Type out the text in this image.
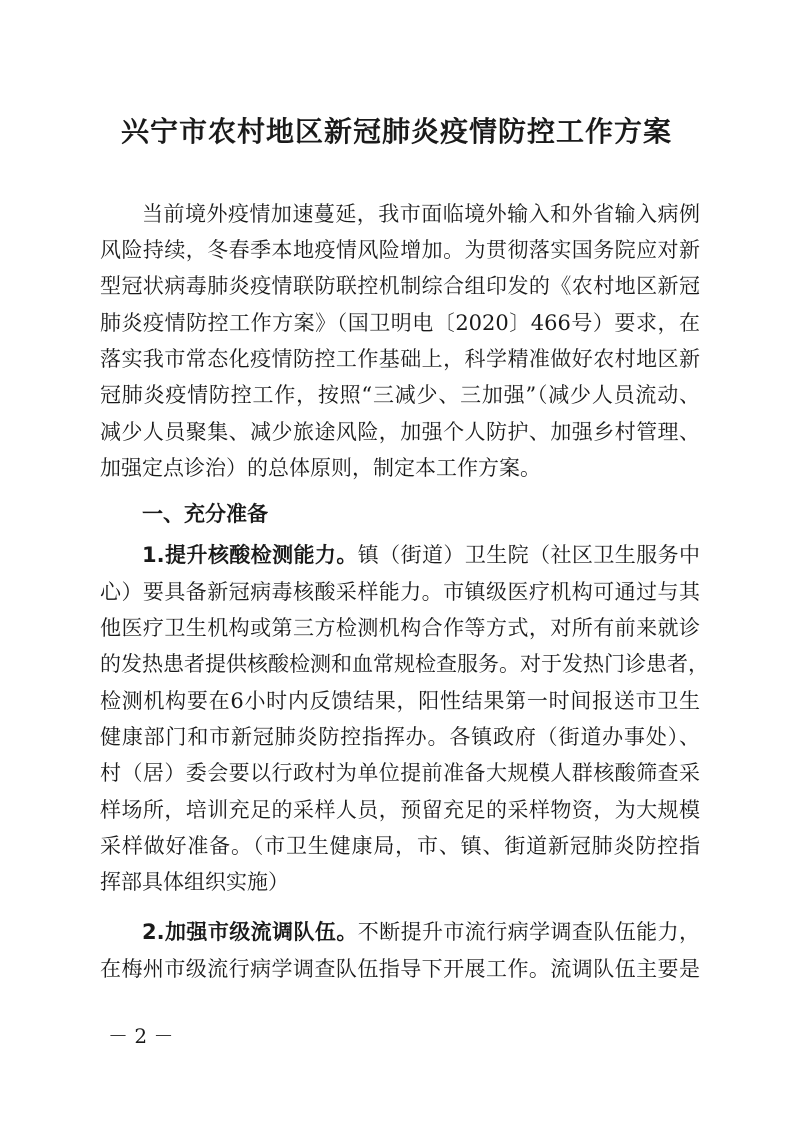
兴宁市农村地区新冠肺炎疫情防控工作方案
当前境外疫情加速蔓延，我市面临境外输入和外省输入病例
风险持续，冬春季本地疫情风险增加。为贯彻落实国务院应对新
型冠状病毒肺炎疫情联防联控机制综合组印发的《农村地区新冠
肺炎疫情防控工作方案》（国卫明电〔2020〕466号）要求，在
落实我市常态化疫情防控工作基础上，科学精准做好农村地区新
冠肺炎疫情防控工作，按照“三减少、三加强”（减少人员流动、
减少人员聚集、减少旅途风险，加强个人防护、加强乡村管理、
加强定点诊治）的总体原则，制定本工作方案。
一、充分准备
1.提升核酸检测能力。镇（街道）卫生院（社区卫生服务中
心）要具备新冠病毒核酸采样能力。市镇级医疗机构可通过与其
他医疗卫生机构或第三方检测机构合作等方式，对所有前来就诊
的发热患者提供核酸检测和血常规检查服务。对于发热门诊患者，
检测机构要在6小时内反馈结果，阳性结果第一时间报送市卫生
健康部门和市新冠肺炎防控指挥办。各镇政府（街道办事处）、
村（居）委会要以行政村为单位提前准备大规模人群核酸筛查采
样场所，培训充足的采样人员，预留充足的采样物资，为大规模
采样做好准备。（市卫生健康局，市、镇、街道新冠肺炎防控指
挥部具体组织实施）
2.加强市级流调队伍。不断提升市流行病学调查队伍能力，
在梅州市级流行病学调查队伍指导下开展工作。流调队伍主要是
－ 2 －
